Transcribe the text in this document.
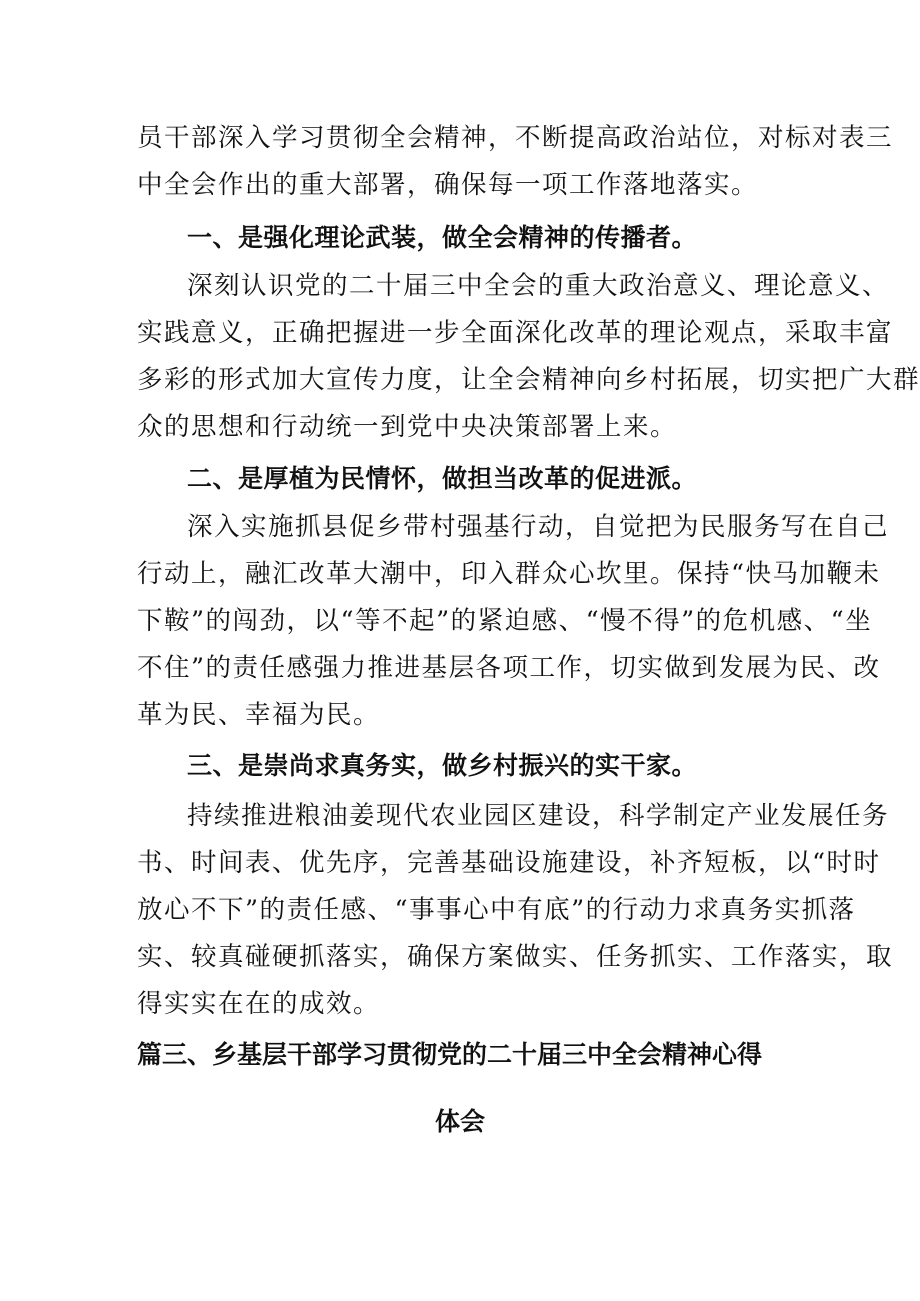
员干部深入学习贯彻全会精神，不断提高政治站位，对标对表三
中全会作出的重大部署，确保每一项工作落地落实。

一、是强化理论武装，做全会精神的传播者。

深刻认识党的二十届三中全会的重大政治意义、理论意义、
实践意义，正确把握进一步全面深化改革的理论观点，采取丰富
多彩的形式加大宣传力度，让全会精神向乡村拓展，切实把广大群
众的思想和行动统一到党中央决策部署上来。

二、是厚植为民情怀，做担当改革的促进派。

深入实施抓县促乡带村强基行动，自觉把为民服务写在自己
行动上，融汇改革大潮中，印入群众心坎里。保持“快马加鞭未
下鞍”的闯劲，以“等不起”的紧迫感、“慢不得”的危机感、“坐
不住”的责任感强力推进基层各项工作，切实做到发展为民、改
革为民、幸福为民。

三、是崇尚求真务实，做乡村振兴的实干家。

持续推进粮油姜现代农业园区建设，科学制定产业发展任务
书、时间表、优先序，完善基础设施建设，补齐短板，以“时时
放心不下”的责任感、“事事心中有底”的行动力求真务实抓落
实、较真碰硬抓落实，确保方案做实、任务抓实、工作落实，取
得实实在在的成效。

篇三、乡基层干部学习贯彻党的二十届三中全会精神心得
体会
